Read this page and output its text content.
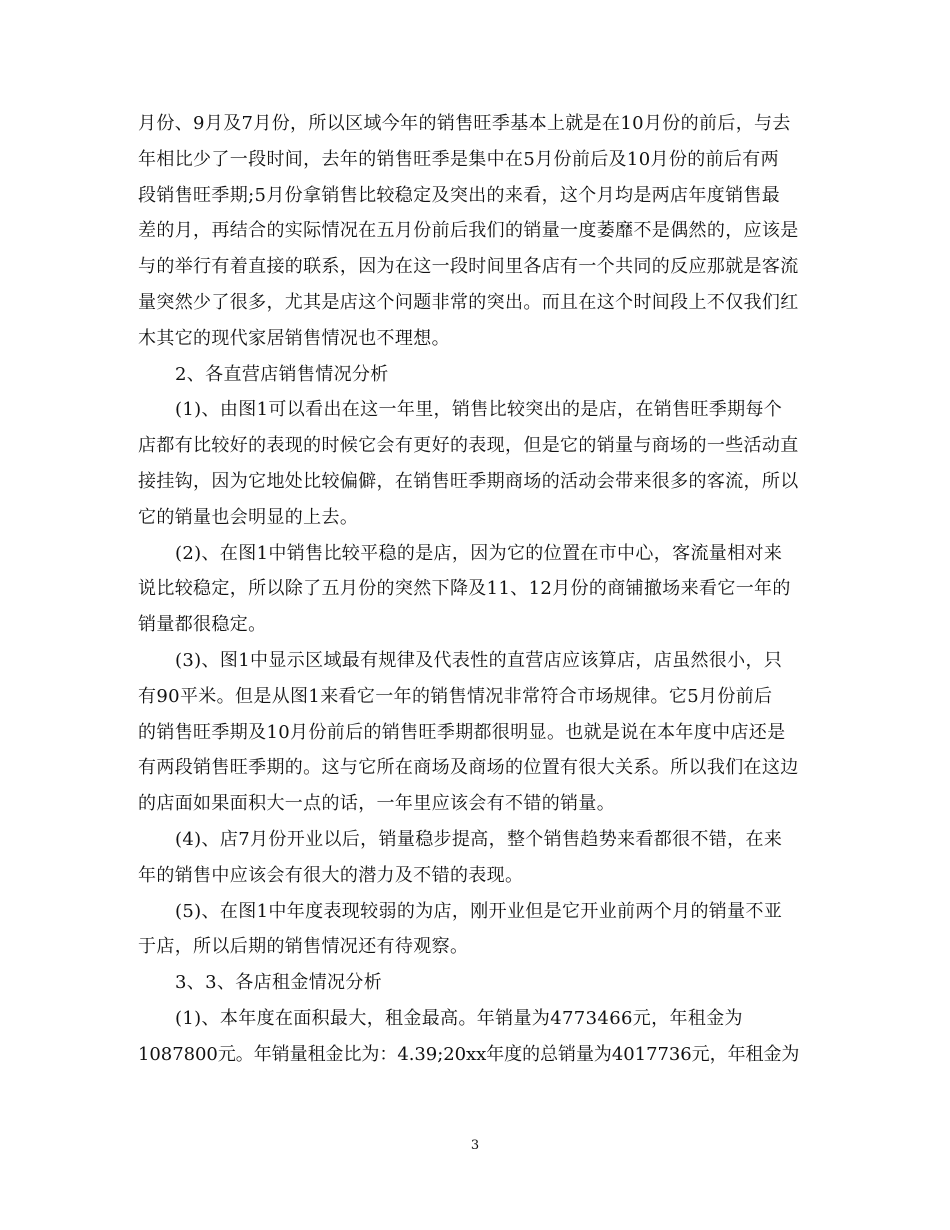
月份、9月及7月份，所以区域今年的销售旺季基本上就是在10月份的前后，与去
年相比少了一段时间，去年的销售旺季是集中在5月份前后及10月份的前后有两
段销售旺季期;5月份拿销售比较稳定及突出的来看，这个月均是两店年度销售最
差的月，再结合的实际情况在五月份前后我们的销量一度萎靡不是偶然的，应该是
与的举行有着直接的联系，因为在这一段时间里各店有一个共同的反应那就是客流
量突然少了很多，尤其是店这个问题非常的突出。而且在这个时间段上不仅我们红
木其它的现代家居销售情况也不理想。
2、各直营店销售情况分析
(1)、由图1可以看出在这一年里，销售比较突出的是店，在销售旺季期每个
店都有比较好的表现的时候它会有更好的表现，但是它的销量与商场的一些活动直
接挂钩，因为它地处比较偏僻，在销售旺季期商场的活动会带来很多的客流，所以
它的销量也会明显的上去。
(2)、在图1中销售比较平稳的是店，因为它的位置在市中心，客流量相对来
说比较稳定，所以除了五月份的突然下降及11、12月份的商铺撤场来看它一年的
销量都很稳定。
(3)、图1中显示区域最有规律及代表性的直营店应该算店，店虽然很小，只
有90平米。但是从图1来看它一年的销售情况非常符合市场规律。它5月份前后
的销售旺季期及10月份前后的销售旺季期都很明显。也就是说在本年度中店还是
有两段销售旺季期的。这与它所在商场及商场的位置有很大关系。所以我们在这边
的店面如果面积大一点的话，一年里应该会有不错的销量。
(4)、店7月份开业以后，销量稳步提高，整个销售趋势来看都很不错，在来
年的销售中应该会有很大的潜力及不错的表现。
(5)、在图1中年度表现较弱的为店，刚开业但是它开业前两个月的销量不亚
于店，所以后期的销售情况还有待观察。
3、3、各店租金情况分析
(1)、本年度在面积最大，租金最高。年销量为4773466元，年租金为
1087800元。年销量租金比为：4.39;20xx年度的总销量为4017736元，年租金为
3
